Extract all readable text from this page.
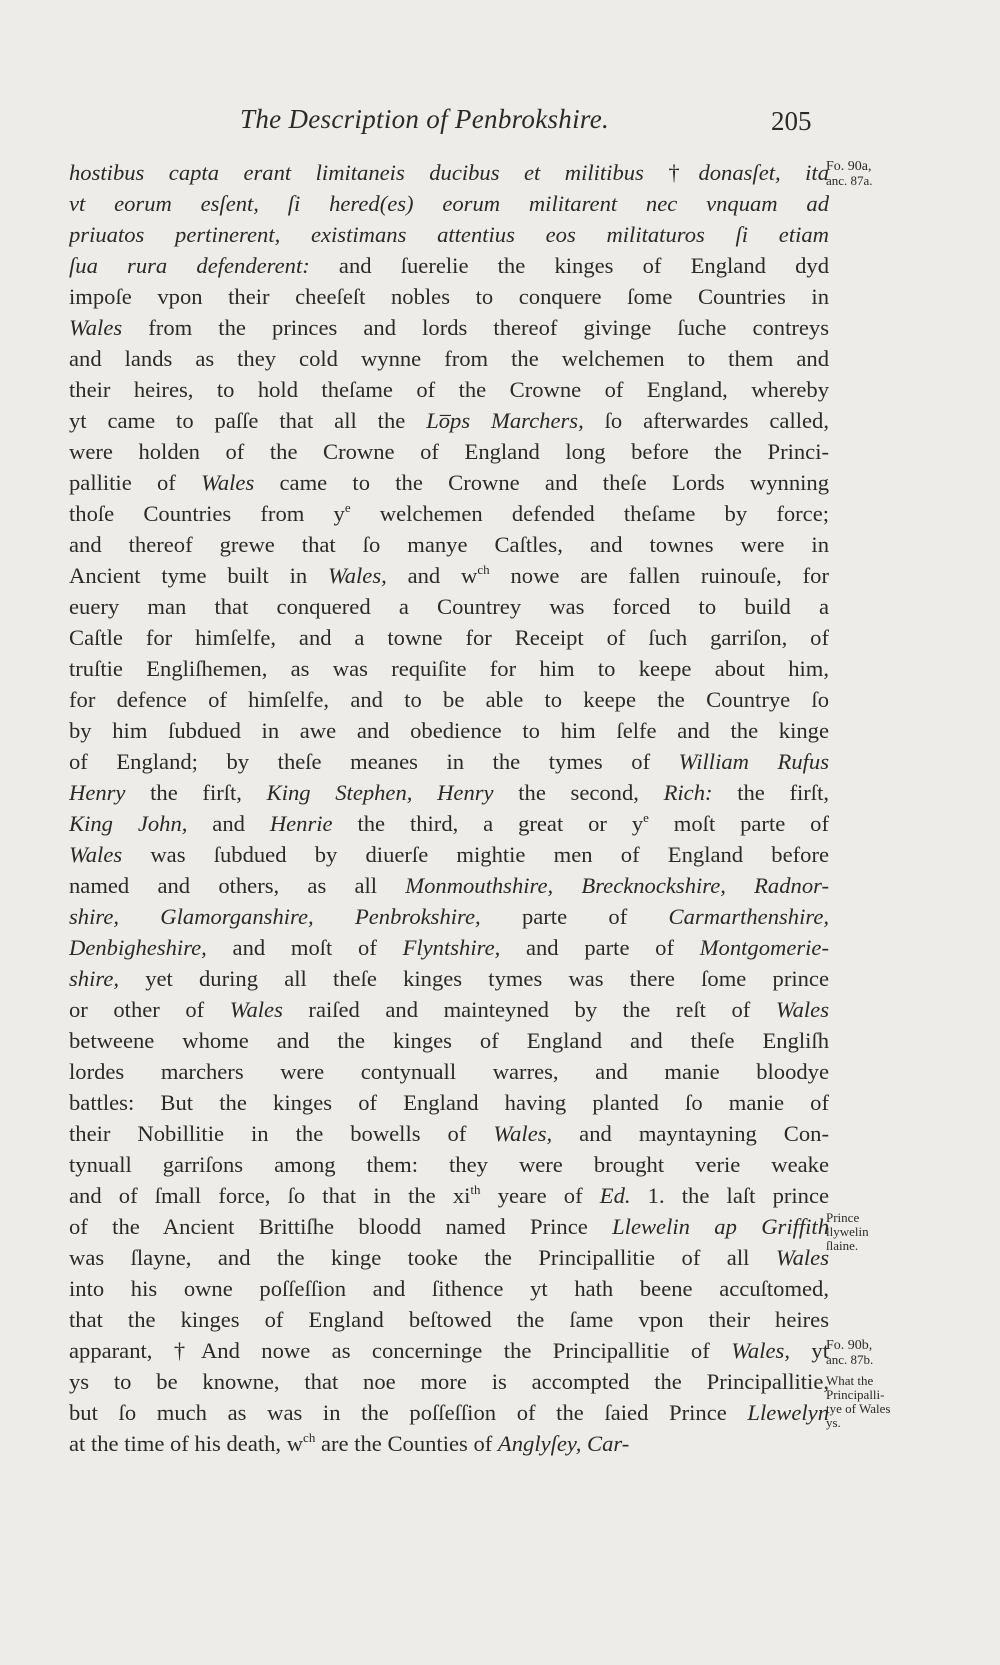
The Description of Penbrokshire.	205
hostibus capta erant limitaneis ducibus et militibus †donasſet, ita
vt eorum esſent, ſi hered(es) eorum militarent nec vnquam ad
priuatos pertinerent, existimans attentius eos militaturos ſi etiam
ſua rura defenderent: and ſuerelie the kinges of England dyd
impoſe vpon their cheeſeſt nobles to conquere ſome Countries in
Wales from the princes and lords thereof givinge ſuche contreys
and lands as they cold wynne from the welchemen to them and
their heires, to hold theſame of the Crowne of England, whereby
yt came to paſſe that all the Lo̅ps Marchers, ſo afterwardes called,
were holden of the Crowne of England long before the Princi-
pallitie of Wales came to the Crowne and theſe Lords wynning
thoſe Countries from $y^e$ welchemen defended theſame by force;
and thereof grewe that ſo manye Caſtles, and townes were in
Ancient tyme built in Wales, and $w^{ch}$ nowe are fallen ruinouſe, for
euery man that conquered a Countrey was forced to build a
Caſtle for himſelfe, and a towne for Receipt of ſuch garriſon, of
truſtie Engliſhemen, as was requiſite for him to keepe about him,
for defence of himſelfe, and to be able to keepe the Countrye ſo
by him ſubdued in awe and obedience to him ſelfe and the kinge
of England; by theſe meanes in the tymes of William Rufus
Henry the firſt, King Stephen, Henry the second, Rich: the firſt,
King John, and Henrie the third, a great or $y^e$ moſt parte of
Wales was ſubdued by diuerſe mightie men of England before
named and others, as all Monmouthshire, Brecknockshire, Radnor-
shire, Glamorganshire, Penbrokshire, parte of Carmarthenshire,
Denbigheshire, and moſt of Flyntshire, and parte of Montgomerie-
shire, yet during all theſe kinges tymes was there ſome prince
or other of Wales raiſed and mainteyned by the reſt of Wales
betweene whome and the kinges of England and theſe Engliſh
lordes marchers were contynuall warres, and manie bloodye
battles: But the kinges of England having planted ſo manie of
their Nobillitie in the bowells of Wales, and mayntayning Con-
tynuall garriſons among them: they were brought verie weake
and of ſmall force, ſo that in the $xi^{th}$ yeare of Ed. 1. the laſt prince
of the Ancient Brittiſhe bloodd named Prince Llewelin ap Griffith
was ſlayne, and the kinge tooke the Principallitie of all Wales
into his owne poſſeſſion and ſithence yt hath beene accuſtomed,
that the kinges of England beſtowed the ſame vpon their heires
apparant, †And nowe as concerninge the Principallitie of Wales, yt
ys to be knowne, that noe more is accompted the Principallitie,
but ſo much as was in the poſſeſſion of the ſaied Prince Llewelyn
at the time of his death, $w^{ch}$ are the Counties of Anglyſey, Car-
Fo. 90a,
anc. 87a.
Prince
llywelin
ſlaine.
Fo. 90b,
anc. 87b.
What the
Principalli-
tye of Wales
ys.
